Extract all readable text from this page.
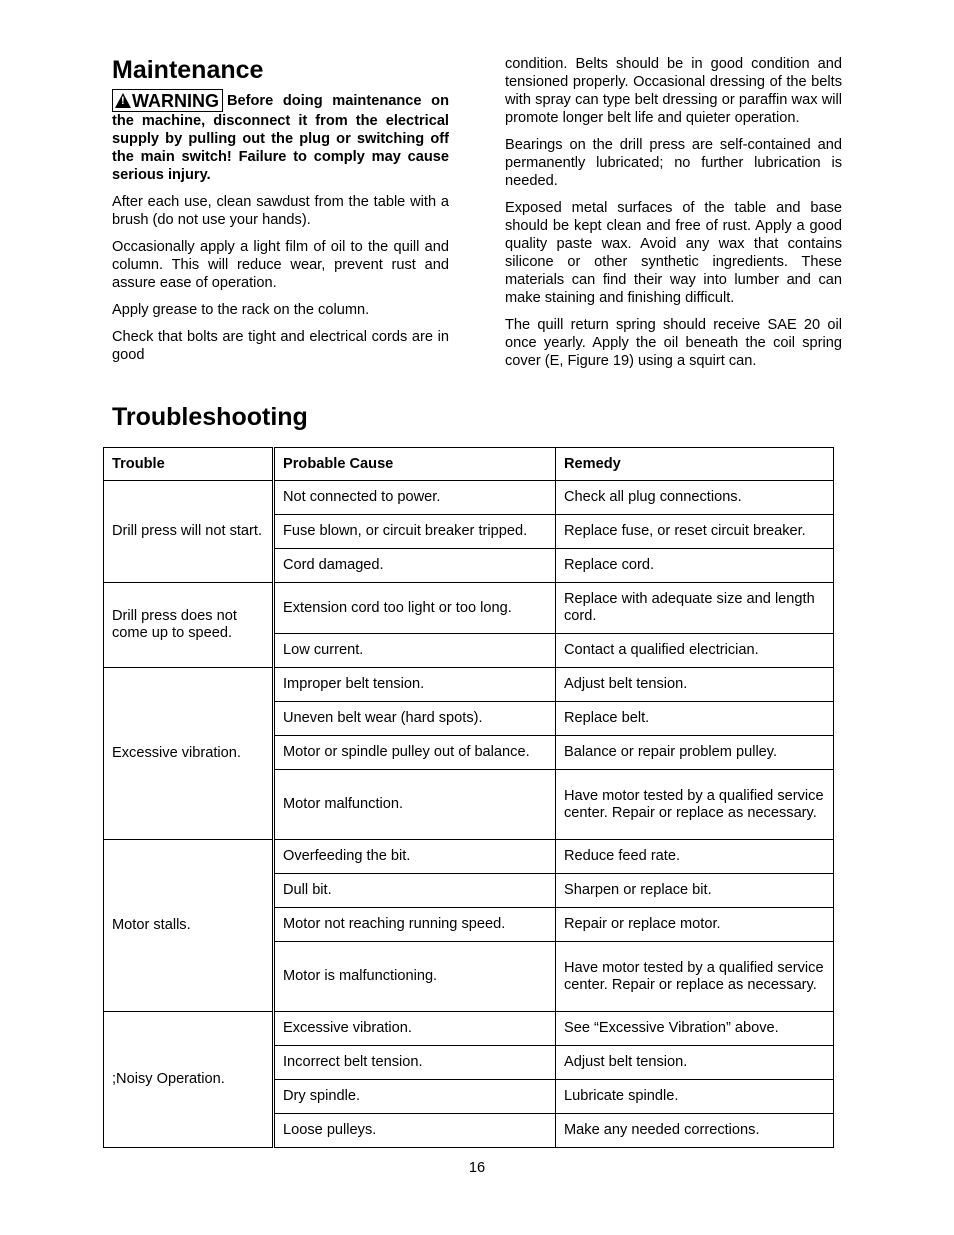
Maintenance

! WARNING Before doing maintenance on the machine, disconnect it from the electrical supply by pulling out the plug or switching off the main switch! Failure to comply may cause serious injury.

After each use, clean sawdust from the table with a brush (do not use your hands).

Occasionally apply a light film of oil to the quill and column. This will reduce wear, prevent rust and assure ease of operation.

Apply grease to the rack on the column.

Check that bolts are tight and electrical cords are in good

condition. Belts should be in good condition and tensioned properly. Occasional dressing of the belts with spray can type belt dressing or paraffin wax will promote longer belt life and quieter operation.

Bearings on the drill press are self-contained and permanently lubricated; no further lubrication is needed.

Exposed metal surfaces of the table and base should be kept clean and free of rust. Apply a good quality paste wax. Avoid any wax that contains silicone or other synthetic ingredients. These materials can find their way into lumber and can make staining and finishing difficult.

The quill return spring should receive SAE 20 oil once yearly. Apply the oil beneath the coil spring cover (E, Figure 19) using a squirt can.

Troubleshooting
Trouble	Probable Cause	Remedy
Drill press will not start.	Not connected to power.	Check all plug connections.
	Fuse blown, or circuit breaker tripped.	Replace fuse, or reset circuit breaker.
	Cord damaged.	Replace cord.
Drill press does not come up to speed.	Extension cord too light or too long.	Replace with adequate size and length cord.
	Low current.	Contact a qualified electrician.
Excessive vibration.	Improper belt tension.	Adjust belt tension.
	Uneven belt wear (hard spots).	Replace belt.
	Motor or spindle pulley out of balance.	Balance or repair problem pulley.
	Motor malfunction.	Have motor tested by a qualified service center. Repair or replace as necessary.
Motor stalls.	Overfeeding the bit.	Reduce feed rate.
	Dull bit.	Sharpen or replace bit.
	Motor not reaching running speed.	Repair or replace motor.
	Motor is malfunctioning.	Have motor tested by a qualified service center. Repair or replace as necessary.
;Noisy Operation.	Excessive vibration.	See “Excessive Vibration” above.
	Incorrect belt tension.	Adjust belt tension.
	Dry spindle.	Lubricate spindle.
	Loose pulleys.	Make any needed corrections.
16
